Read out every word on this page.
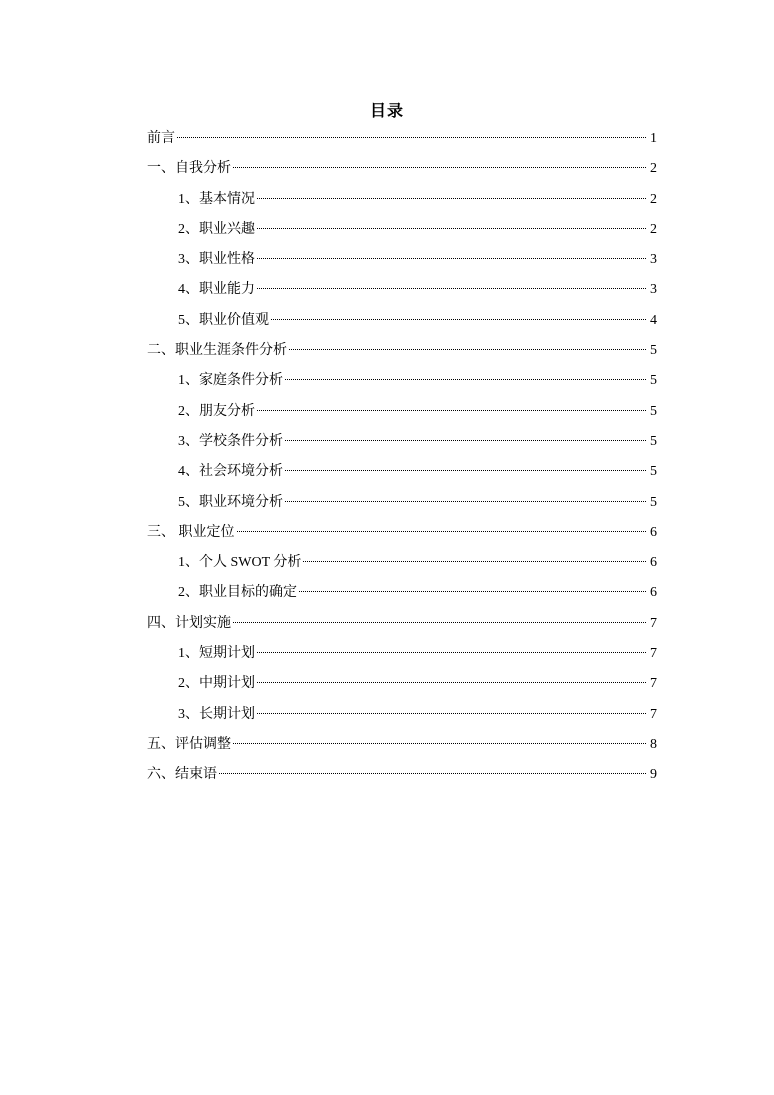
目录
前言	1
一、自我分析	2
1、基本情况	2
2、职业兴趣	2
3、职业性格	3
4、职业能力	3
5、职业价值观	4
二、职业生涯条件分析	5
1、家庭条件分析	5
2、朋友分析	5
3、学校条件分析	5
4、社会环境分析	5
5、职业环境分析	5
三、 职业定位	6
1、个人 SWOT 分析	6
2、职业目标的确定	6
四、计划实施	7
1、短期计划	7
2、中期计划	7
3、长期计划	7
五、评估调整	8
六、结束语	9
